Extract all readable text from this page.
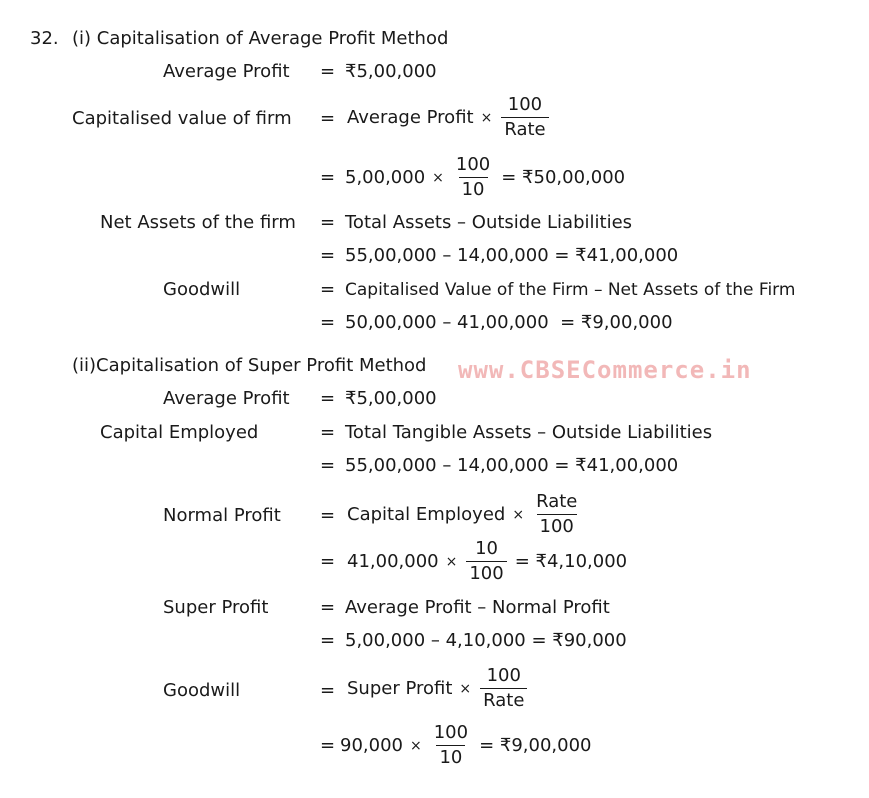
32. (i) Capitalisation of Average Profit Method
Average Profit = ₹5,00,000
Capitalised value of firm = Average Profit × $\frac{100}{\text{Rate}}$
= $5,00,000 \times \frac{100}{10}$ = ₹50,00,000
Net Assets of the firm = Total Assets – Outside Liabilities
= 55,00,000 – 14,00,000 = ₹41,00,000
Goodwill	= Capitalised Value of the Firm – Net Assets of the Firm
= 50,00,000 – 41,00,000  = ₹9,00,000
(ii)Capitalisation of Super Profit Method www.CBSECommerce.in
Average Profit = ₹5,00,000
Capital Employed	= Total Tangible Assets – Outside Liabilities
= 55,00,000 – 14,00,000 = ₹41,00,000
Normal Profit = Capital Employed × $\frac{\text{Rate}}{100}$
= $41,00,000 \times \frac{10}{100}$ = ₹4,10,000
Super Profit	= Average Profit – Normal Profit
= 5,00,000 – 4,10,000 = ₹90,000
Goodwill	= Super Profit × $\frac{100}{\text{Rate}}$
= $90,000 \times \frac{100}{10}$ = ₹9,00,000
